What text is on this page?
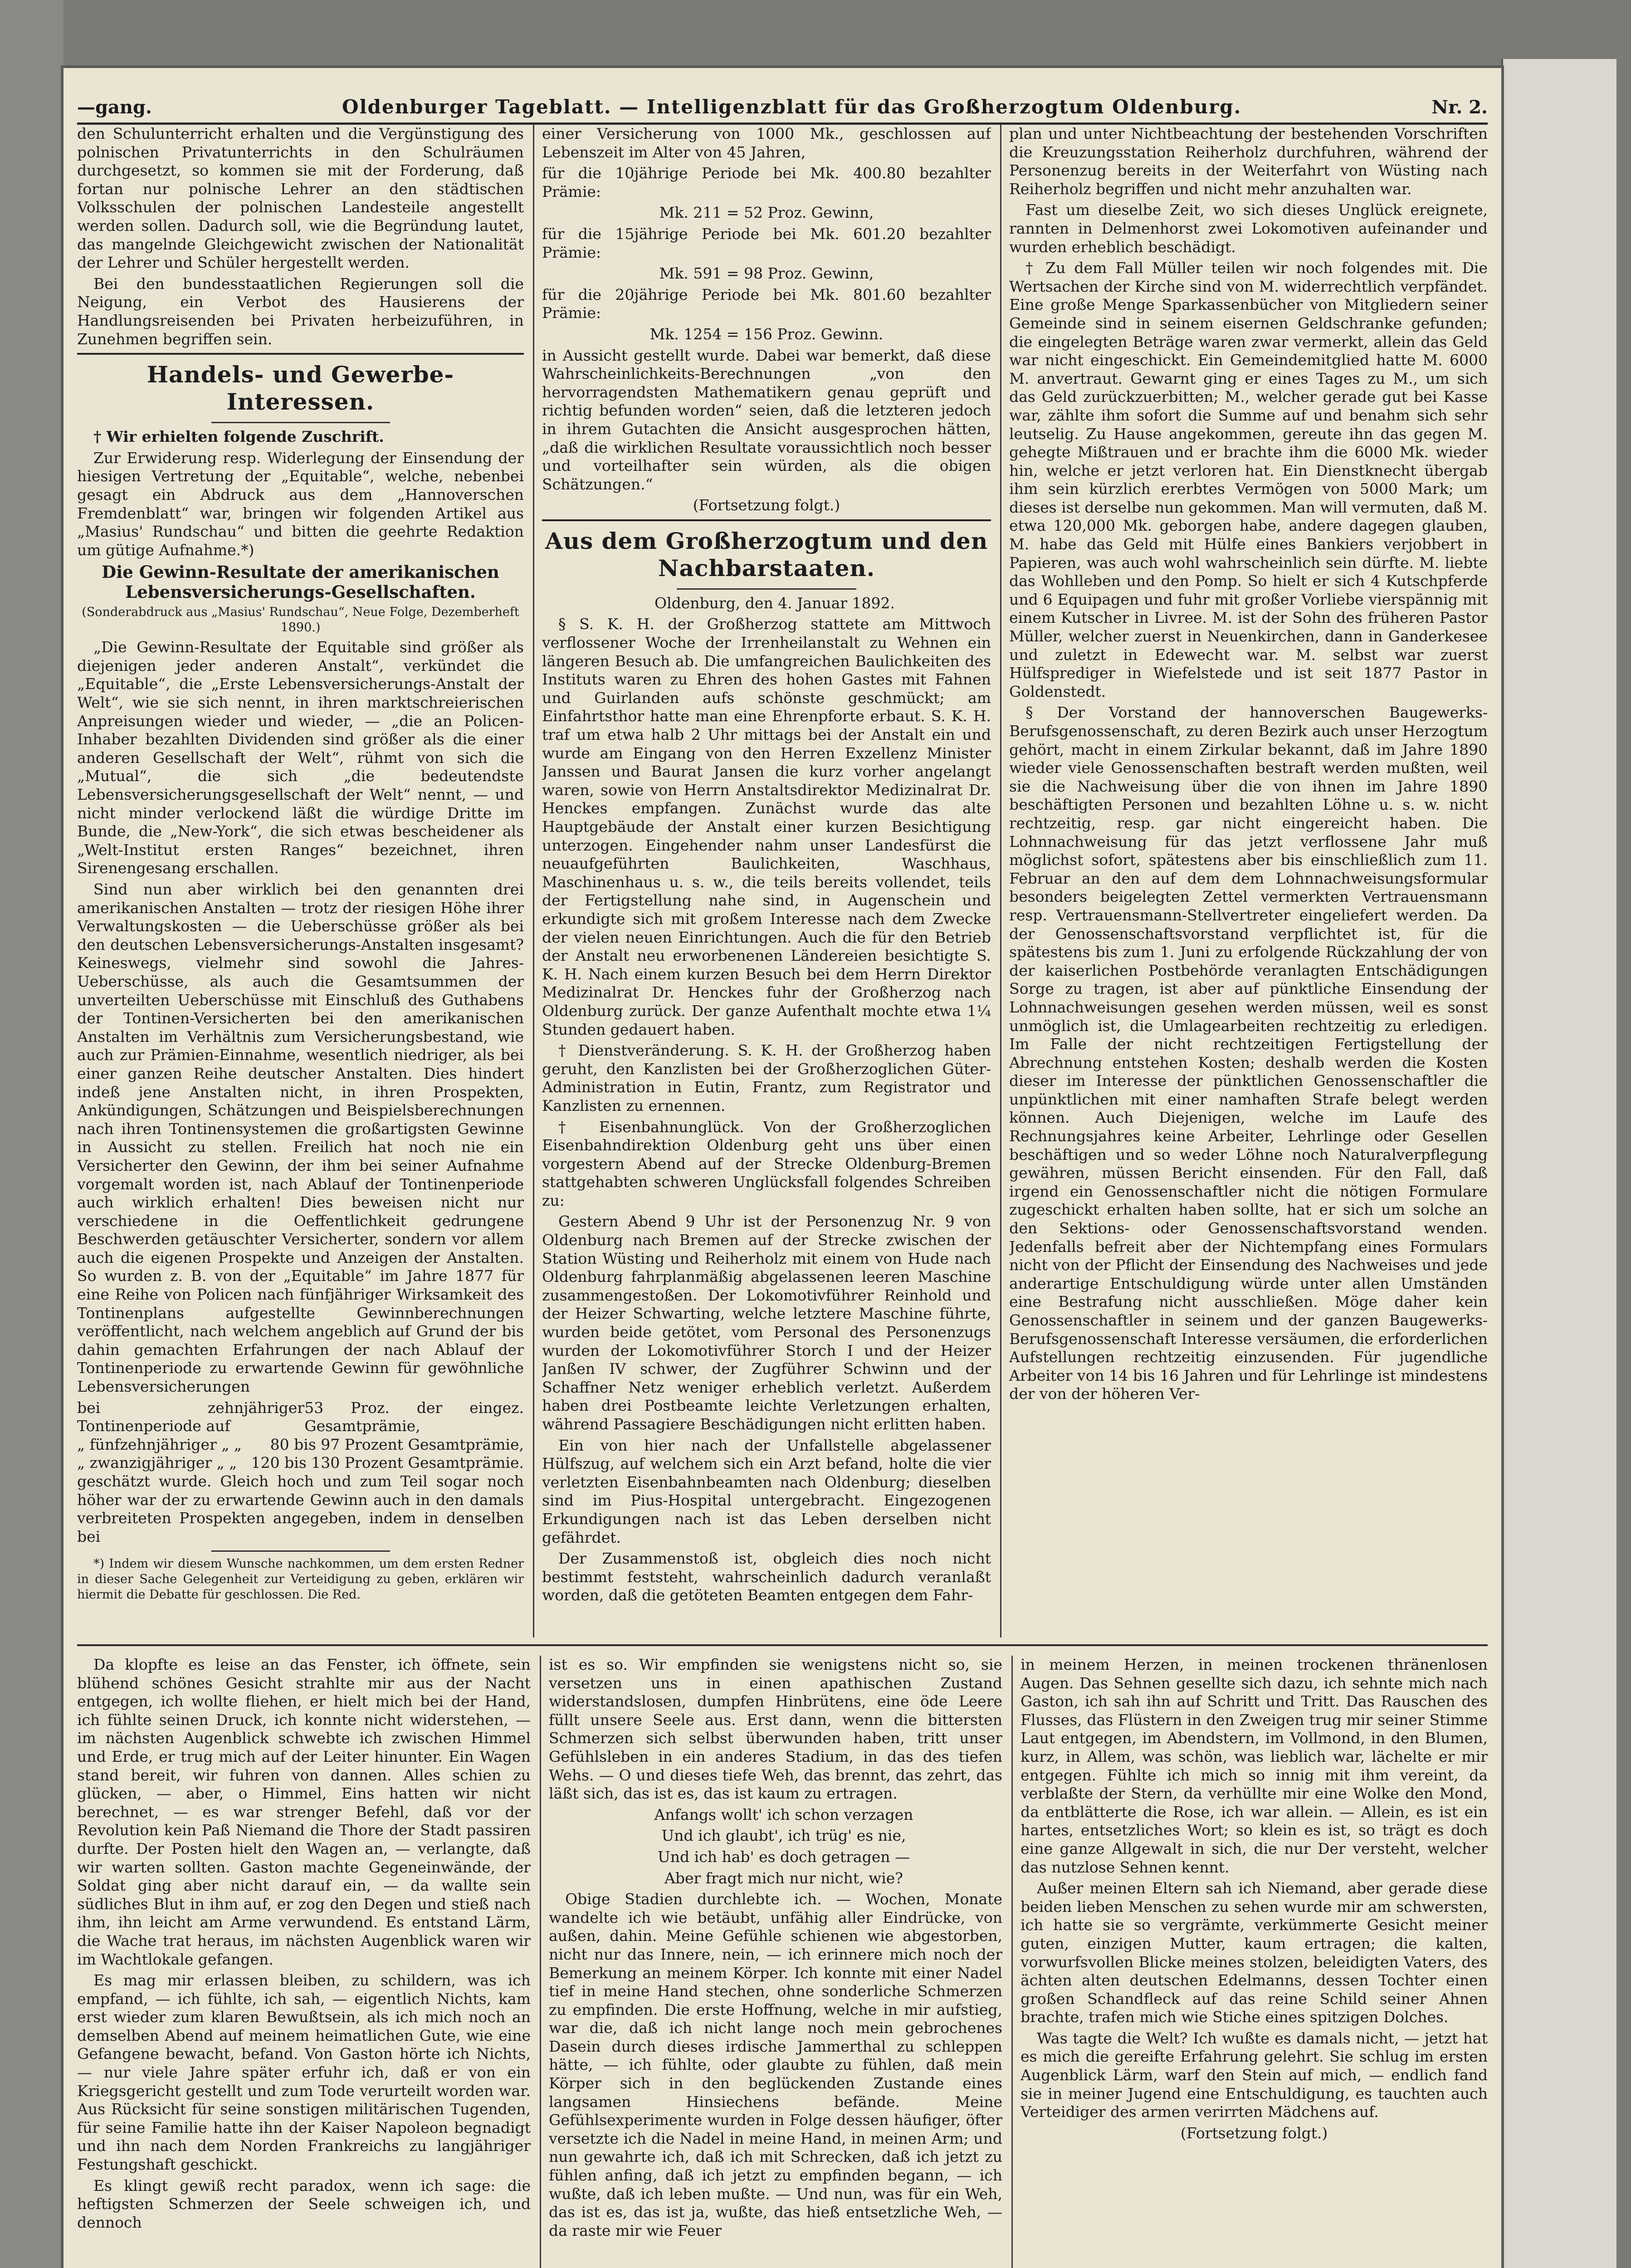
—gang.	Oldenburger Tageblatt. — Intelligenzblatt für das Großherzogtum Oldenburg.	Nr. 2.

den Schulunterricht erhalten und die Vergünstigung des polnischen Privatunterrichts in den Schulräumen durchgesetzt, so kommen sie mit der Forderung, daß fortan nur polnische Lehrer an den städtischen Volksschulen der polnischen Landesteile angestellt werden sollen. Dadurch soll, wie die Begründung lautet, das mangelnde Gleichgewicht zwischen der Nationalität der Lehrer und Schüler hergestellt werden.

Bei den bundesstaatlichen Regierungen soll die Neigung, ein Verbot des Hausierens der Handlungsreisenden bei Privaten herbeizuführen, in Zunehmen begriffen sein.

Handels- und Gewerbe-Interessen.

† Wir erhielten folgende Zuschrift.

Zur Erwiderung resp. Widerlegung der Einsendung der hiesigen Vertretung der „Equitable“, welche, nebenbei gesagt ein Abdruck aus dem „Hannoverschen Fremdenblatt“ war, bringen wir folgenden Artikel aus „Masius' Rundschau“ und bitten die geehrte Redaktion um gütige Aufnahme.*)

Die Gewinn-Resultate der amerikanischen Lebensversicherungs-Gesellschaften.

(Sonderabdruck aus „Masius' Rundschau“, Neue Folge, Dezemberheft 1890.)

„Die Gewinn-Resultate der Equitable sind größer als diejenigen jeder anderen Anstalt“, verkündet die „Equitable“, die „Erste Lebensversicherungs-Anstalt der Welt“, wie sie sich nennt, in ihren marktschreierischen Anpreisungen wieder und wieder, — „die an Policen-Inhaber bezahlten Dividenden sind größer als die einer anderen Gesellschaft der Welt“, rühmt von sich die „Mutual“, die sich „die bedeutendste Lebensversicherungsgesellschaft der Welt“ nennt, — und nicht minder verlockend läßt die würdige Dritte im Bunde, die „New-York“, die sich etwas bescheidener als „Welt-Institut ersten Ranges“ bezeichnet, ihren Sirenengesang erschallen.

Sind nun aber wirklich bei den genannten drei amerikanischen Anstalten — trotz der riesigen Höhe ihrer Verwaltungskosten — die Ueberschüsse größer als bei den deutschen Lebensversicherungs-Anstalten insgesamt? Keineswegs, vielmehr sind sowohl die Jahres-Ueberschüsse, als auch die Gesamtsummen der unverteilten Ueberschüsse mit Einschluß des Guthabens der Tontinen-Versicherten bei den amerikanischen Anstalten im Verhältnis zum Versicherungsbestand, wie auch zur Prämien-Einnahme, wesentlich niedriger, als bei einer ganzen Reihe deutscher Anstalten. Dies hindert indeß jene Anstalten nicht, in ihren Prospekten, Ankündigungen, Schätzungen und Beispielsberechnungen nach ihren Tontinensystemen die großartigsten Gewinne in Aussicht zu stellen. Freilich hat noch nie ein Versicherter den Gewinn, der ihm bei seiner Aufnahme vorgemalt worden ist, nach Ablauf der Tontinenperiode auch wirklich erhalten! Dies beweisen nicht nur verschiedene in die Oeffentlichkeit gedrungene Beschwerden getäuschter Versicherter, sondern vor allem auch die eigenen Prospekte und Anzeigen der Anstalten. So wurden z. B. von der „Equitable“ im Jahre 1877 für eine Reihe von Policen nach fünfjähriger Wirksamkeit des Tontinenplans aufgestellte Gewinnberechnungen veröffentlicht, nach welchem angeblich auf Grund der bis dahin gemachten Erfahrungen der nach Ablauf der Tontinenperiode zu erwartende Gewinn für gewöhnliche Lebensversicherungen

bei zehnjähriger Tontinenperiode auf
53 Proz. der eingez. Gesamtprämie,
„ fünfzehnjähriger „ „ 80 bis 97 Prozent Gesamtprämie,
„ zwanzigjähriger „ „ 120 bis 130 Prozent Gesamtprämie.

geschätzt wurde. Gleich hoch und zum Teil sogar noch höher war der zu erwartende Gewinn auch in den damals verbreiteten Prospekten angegeben, indem in denselben bei

*) Indem wir diesem Wunsche nachkommen, um dem ersten Redner in dieser Sache Gelegenheit zur Verteidigung zu geben, erklären wir hiermit die Debatte für geschlossen. Die Red.

einer Versicherung von 1000 Mk., geschlossen auf Lebenszeit im Alter von 45 Jahren,

für die 10jährige Periode bei Mk. 400.80 bezahlter Prämie:

Mk. 211 = 52 Proz. Gewinn,

für die 15jährige Periode bei Mk. 601.20 bezahlter Prämie:

Mk. 591 = 98 Proz. Gewinn,

für die 20jährige Periode bei Mk. 801.60 bezahlter Prämie:

Mk. 1254 = 156 Proz. Gewinn.

in Aussicht gestellt wurde. Dabei war bemerkt, daß diese Wahrscheinlichkeits-Berechnungen „von den hervorragendsten Mathematikern genau geprüft und richtig befunden worden“ seien, daß die letzteren jedoch in ihrem Gutachten die Ansicht ausgesprochen hätten, „daß die wirklichen Resultate voraussichtlich noch besser und vorteilhafter sein würden, als die obigen Schätzungen.“

(Fortsetzung folgt.)

Aus dem Großherzogtum und den Nachbarstaaten.

Oldenburg, den 4. Januar 1892.

§ S. K. H. der Großherzog stattete am Mittwoch verflossener Woche der Irrenheilanstalt zu Wehnen ein längeren Besuch ab. Die umfangreichen Baulichkeiten des Instituts waren zu Ehren des hohen Gastes mit Fahnen und Guirlanden aufs schönste geschmückt; am Einfahrtsthor hatte man eine Ehrenpforte erbaut. S. K. H. traf um etwa halb 2 Uhr mittags bei der Anstalt ein und wurde am Eingang von den Herren Exzellenz Minister Janssen und Baurat Jansen die kurz vorher angelangt waren, sowie von Herrn Anstaltsdirektor Medizinalrat Dr. Henckes empfangen. Zunächst wurde das alte Hauptgebäude der Anstalt einer kurzen Besichtigung unterzogen. Eingehender nahm unser Landesfürst die neuaufgeführten Baulichkeiten, Waschhaus, Maschinenhaus u. s. w., die teils bereits vollendet, teils der Fertigstellung nahe sind, in Augenschein und erkundigte sich mit großem Interesse nach dem Zwecke der vielen neuen Einrichtungen. Auch die für den Betrieb der Anstalt neu erworbenenen Ländereien besichtigte S. K. H. Nach einem kurzen Besuch bei dem Herrn Direktor Medizinalrat Dr. Henckes fuhr der Großherzog nach Oldenburg zurück. Der ganze Aufenthalt mochte etwa 1¼ Stunden gedauert haben.

† Dienstveränderung. S. K. H. der Großherzog haben geruht, den Kanzlisten bei der Großherzoglichen Güter-Administration in Eutin, Frantz, zum Registrator und Kanzlisten zu ernennen.

† Eisenbahnunglück. Von der Großherzoglichen Eisenbahndirektion Oldenburg geht uns über einen vorgestern Abend auf der Strecke Oldenburg-Bremen stattgehabten schweren Unglücksfall folgendes Schreiben zu:

Gestern Abend 9 Uhr ist der Personenzug Nr. 9 von Oldenburg nach Bremen auf der Strecke zwischen der Station Wüsting und Reiherholz mit einem von Hude nach Oldenburg fahrplanmäßig abgelassenen leeren Maschine zusammengestoßen. Der Lokomotivführer Reinhold und der Heizer Schwarting, welche letztere Maschine führte, wurden beide getötet, vom Personal des Personenzugs wurden der Lokomotivführer Storch I und der Heizer Janßen IV schwer, der Zugführer Schwinn und der Schaffner Netz weniger erheblich verletzt. Außerdem haben drei Postbeamte leichte Verletzungen erhalten, während Passagiere Beschädigungen nicht erlitten haben.

Ein von hier nach der Unfallstelle abgelassener Hülfszug, auf welchem sich ein Arzt befand, holte die vier verletzten Eisenbahnbeamten nach Oldenburg; dieselben sind im Pius-Hospital untergebracht. Eingezogenen Erkundigungen nach ist das Leben derselben nicht gefährdet.

Der Zusammenstoß ist, obgleich dies noch nicht bestimmt feststeht, wahrscheinlich dadurch veranlaßt worden, daß die getöteten Beamten entgegen dem Fahr-

plan und unter Nichtbeachtung der bestehenden Vorschriften die Kreuzungsstation Reiherholz durchfuhren, während der Personenzug bereits in der Weiterfahrt von Wüsting nach Reiherholz begriffen und nicht mehr anzuhalten war.

Fast um dieselbe Zeit, wo sich dieses Unglück ereignete, rannten in Delmenhorst zwei Lokomotiven aufeinander und wurden erheblich beschädigt.

† Zu dem Fall Müller teilen wir noch folgendes mit. Die Wertsachen der Kirche sind von M. widerrechtlich verpfändet. Eine große Menge Sparkassenbücher von Mitgliedern seiner Gemeinde sind in seinem eisernen Geldschranke gefunden; die eingelegten Beträge waren zwar vermerkt, allein das Geld war nicht eingeschickt. Ein Gemeindemitglied hatte M. 6000 M. anvertraut. Gewarnt ging er eines Tages zu M., um sich das Geld zurückzuerbitten; M., welcher gerade gut bei Kasse war, zählte ihm sofort die Summe auf und benahm sich sehr leutselig. Zu Hause angekommen, gereute ihn das gegen M. gehegte Mißtrauen und er brachte ihm die 6000 Mk. wieder hin, welche er jetzt verloren hat. Ein Dienstknecht übergab ihm sein kürzlich ererbtes Vermögen von 5000 Mark; um dieses ist derselbe nun gekommen. Man will vermuten, daß M. etwa 120,000 Mk. geborgen habe, andere dagegen glauben, M. habe das Geld mit Hülfe eines Bankiers verjobbert in Papieren, was auch wohl wahrscheinlich sein dürfte. M. liebte das Wohlleben und den Pomp. So hielt er sich 4 Kutschpferde und 6 Equipagen und fuhr mit großer Vorliebe vierspännig mit einem Kutscher in Livree. M. ist der Sohn des früheren Pastor Müller, welcher zuerst in Neuenkirchen, dann in Ganderkesee und zuletzt in Edewecht war. M. selbst war zuerst Hülfsprediger in Wiefelstede und ist seit 1877 Pastor in Goldenstedt.

§ Der Vorstand der hannoverschen Baugewerks-Berufsgenossenschaft, zu deren Bezirk auch unser Herzogtum gehört, macht in einem Zirkular bekannt, daß im Jahre 1890 wieder viele Genossenschaften bestraft werden mußten, weil sie die Nachweisung über die von ihnen im Jahre 1890 beschäftigten Personen und bezahlten Löhne u. s. w. nicht rechtzeitig, resp. gar nicht eingereicht haben. Die Lohnnachweisung für das jetzt verflossene Jahr muß möglichst sofort, spätestens aber bis einschließlich zum 11. Februar an den auf dem dem Lohnnachweisungsformular besonders beigelegten Zettel vermerkten Vertrauensmann resp. Vertrauensmann-Stellvertreter eingeliefert werden. Da der Genossenschaftsvorstand verpflichtet ist, für die spätestens bis zum 1. Juni zu erfolgende Rückzahlung der von der kaiserlichen Postbehörde veranlagten Entschädigungen Sorge zu tragen, ist aber auf pünktliche Einsendung der Lohnnachweisungen gesehen werden müssen, weil es sonst unmöglich ist, die Umlagearbeiten rechtzeitig zu erledigen. Im Falle der nicht rechtzeitigen Fertigstellung der Abrechnung entstehen Kosten; deshalb werden die Kosten dieser im Interesse der pünktlichen Genossenschaftler die unpünktlichen mit einer namhaften Strafe belegt werden können. Auch Diejenigen, welche im Laufe des Rechnungsjahres keine Arbeiter, Lehrlinge oder Gesellen beschäftigen und so weder Löhne noch Naturalverpflegung gewähren, müssen Bericht einsenden. Für den Fall, daß irgend ein Genossenschaftler nicht die nötigen Formulare zugeschickt erhalten haben sollte, hat er sich um solche an den Sektions- oder Genossenschaftsvorstand wenden. Jedenfalls befreit aber der Nichtempfang eines Formulars nicht von der Pflicht der Einsendung des Nachweises und jede anderartige Entschuldigung würde unter allen Umständen eine Bestrafung nicht ausschließen. Möge daher kein Genossenschaftler in seinem und der ganzen Baugewerks-Berufsgenossenschaft Interesse versäumen, die erforderlichen Aufstellungen rechtzeitig einzusenden. Für jugendliche Arbeiter von 14 bis 16 Jahren und für Lehrlinge ist mindestens der von der höheren Ver-

Da klopfte es leise an das Fenster, ich öffnete, sein blühend schönes Gesicht strahlte mir aus der Nacht entgegen, ich wollte fliehen, er hielt mich bei der Hand, ich fühlte seinen Druck, ich konnte nicht widerstehen, — im nächsten Augenblick schwebte ich zwischen Himmel und Erde, er trug mich auf der Leiter hinunter. Ein Wagen stand bereit, wir fuhren von dannen. Alles schien zu glücken, — aber, o Himmel, Eins hatten wir nicht berechnet, — es war strenger Befehl, daß vor der Revolution kein Paß Niemand die Thore der Stadt passiren durfte. Der Posten hielt den Wagen an, — verlangte, daß wir warten sollten. Gaston machte Gegeneinwände, der Soldat ging aber nicht darauf ein, — da wallte sein südliches Blut in ihm auf, er zog den Degen und stieß nach ihm, ihn leicht am Arme verwundend. Es entstand Lärm, die Wache trat heraus, im nächsten Augenblick waren wir im Wachtlokale gefangen.

Es mag mir erlassen bleiben, zu schildern, was ich empfand, — ich fühlte, ich sah, — eigentlich Nichts, kam erst wieder zum klaren Bewußtsein, als ich mich noch an demselben Abend auf meinem heimatlichen Gute, wie eine Gefangene bewacht, befand. Von Gaston hörte ich Nichts, — nur viele Jahre später erfuhr ich, daß er von ein Kriegsgericht gestellt und zum Tode verurteilt worden war. Aus Rücksicht für seine sonstigen militärischen Tugenden, für seine Familie hatte ihn der Kaiser Napoleon begnadigt und ihn nach dem Norden Frankreichs zu langjähriger Festungshaft geschickt.

Es klingt gewiß recht paradox, wenn ich sage: die heftigsten Schmerzen der Seele schweigen ich, und dennoch

ist es so. Wir empfinden sie wenigstens nicht so, sie versetzen uns in einen apathischen Zustand widerstandslosen, dumpfen Hinbrütens, eine öde Leere füllt unsere Seele aus. Erst dann, wenn die bittersten Schmerzen sich selbst überwunden haben, tritt unser Gefühlsleben in ein anderes Stadium, in das des tiefen Wehs. — O und dieses tiefe Weh, das brennt, das zehrt, das läßt sich, das ist es, das ist kaum zu ertragen.

Anfangs wollt' ich schon verzagen

Und ich glaubt', ich trüg' es nie,

Und ich hab' es doch getragen —

Aber fragt mich nur nicht, wie?

Obige Stadien durchlebte ich. — Wochen, Monate wandelte ich wie betäubt, unfähig aller Eindrücke, von außen, dahin. Meine Gefühle schienen wie abgestorben, nicht nur das Innere, nein, — ich erinnere mich noch der Bemerkung an meinem Körper. Ich konnte mit einer Nadel tief in meine Hand stechen, ohne sonderliche Schmerzen zu empfinden. Die erste Hoffnung, welche in mir aufstieg, war die, daß ich nicht lange noch mein gebrochenes Dasein durch dieses irdische Jammerthal zu schleppen hätte, — ich fühlte, oder glaubte zu fühlen, daß mein Körper sich in den beglückenden Zustande eines langsamen Hinsiechens befände. Meine Gefühlsexperimente wurden in Folge dessen häufiger, öfter versetzte ich die Nadel in meine Hand, in meinen Arm; und nun gewahrte ich, daß ich mit Schrecken, daß ich jetzt zu fühlen anfing, daß ich jetzt zu empfinden begann, — ich wußte, daß ich leben mußte. — Und nun, was für ein Weh, das ist es, das ist ja, wußte, das hieß entsetzliche Weh, — da raste mir wie Feuer

in meinem Herzen, in meinen trockenen thränenlosen Augen. Das Sehnen gesellte sich dazu, ich sehnte mich nach Gaston, ich sah ihn auf Schritt und Tritt. Das Rauschen des Flusses, das Flüstern in den Zweigen trug mir seiner Stimme Laut entgegen, im Abendstern, im Vollmond, in den Blumen, kurz, in Allem, was schön, was lieblich war, lächelte er mir entgegen. Fühlte ich mich so innig mit ihm vereint, da verblaßte der Stern, da verhüllte mir eine Wolke den Mond, da entblätterte die Rose, ich war allein. — Allein, es ist ein hartes, entsetzliches Wort; so klein es ist, so trägt es doch eine ganze Allgewalt in sich, die nur Der versteht, welcher das nutzlose Sehnen kennt.

Außer meinen Eltern sah ich Niemand, aber gerade diese beiden lieben Menschen zu sehen wurde mir am schwersten, ich hatte sie so vergrämte, verkümmerte Gesicht meiner guten, einzigen Mutter, kaum ertragen; die kalten, vorwurfsvollen Blicke meines stolzen, beleidigten Vaters, des ächten alten deutschen Edelmanns, dessen Tochter einen großen Schandfleck auf das reine Schild seiner Ahnen brachte, trafen mich wie Stiche eines spitzigen Dolches.

Was tagte die Welt? Ich wußte es damals nicht, — jetzt hat es mich die gereifte Erfahrung gelehrt. Sie schlug im ersten Augenblick Lärm, warf den Stein auf mich, — endlich fand sie in meiner Jugend eine Entschuldigung, es tauchten auch Verteidiger des armen verirrten Mädchens auf.

(Fortsetzung folgt.)
